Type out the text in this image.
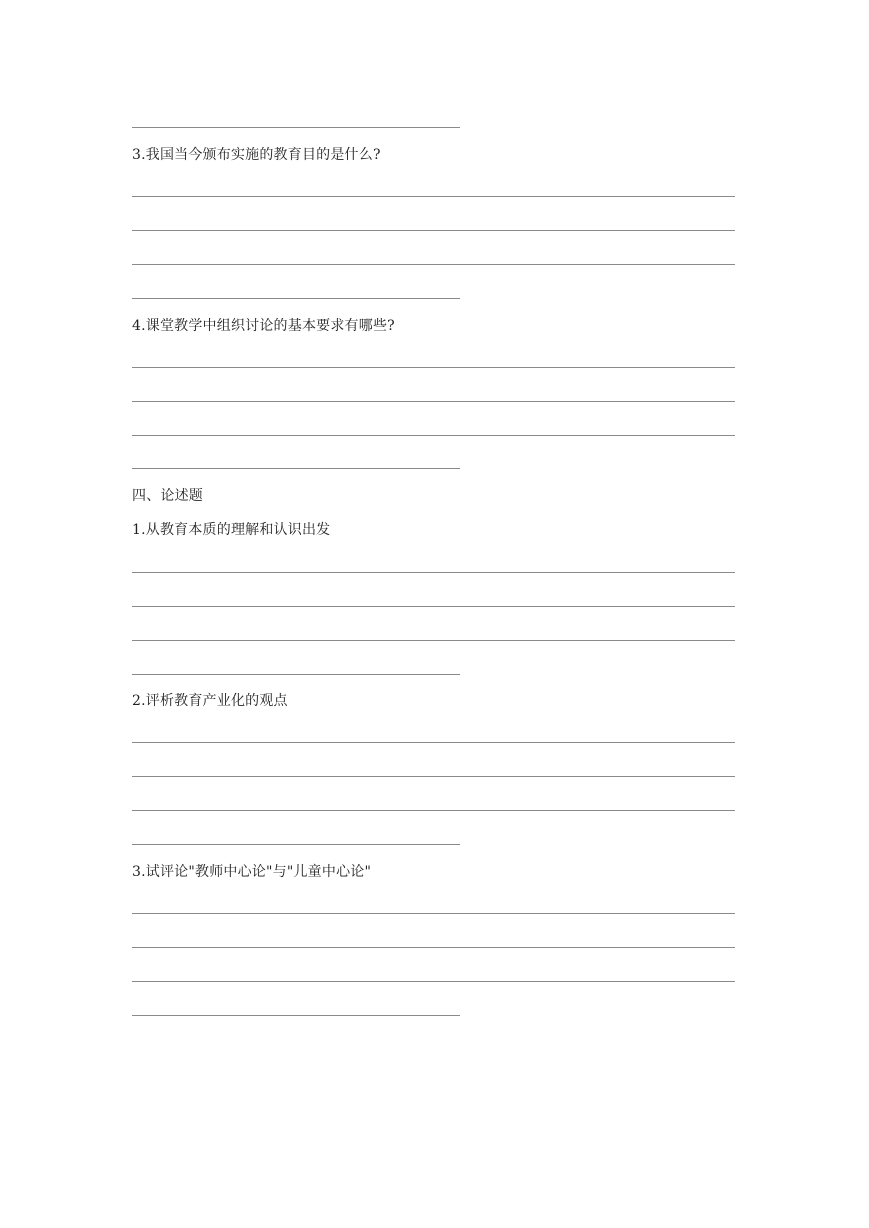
3.我国当今颁布实施的教育目的是什么?
4.课堂教学中组织讨论的基本要求有哪些?
四、论述题
1.从教育本质的理解和认识出发
2.评析教育产业化的观点
3.试评论"教师中心论"与"儿童中心论"
